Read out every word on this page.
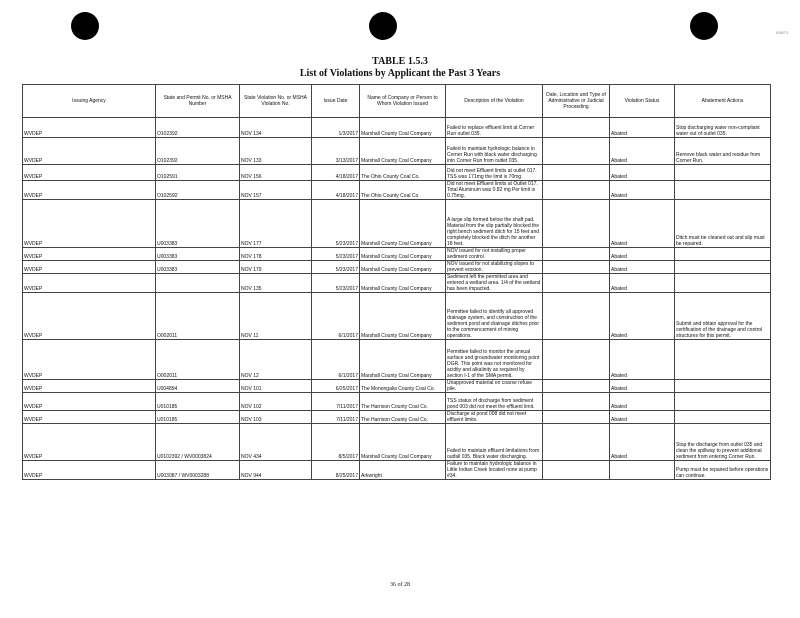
f18571
TABLE 1.5.3
List of Violations by Applicant the Past 3 Years
Issuing Agency	State and Permit No. or MSHA Number	State Violation No. or MSHA Violation No.	Issue Date	Name of Company or Person to Whom Violation Issued	Description of the Violation	Date, Location and Type of Administrative or Judicial Proceeding	Violation Status	Abatement Actions
WVDEP	O102392	NOV 134	1/3/2017	Marshall County Coal Company	Failed to replace effluent limit at Corner Run outlet 035.		Abated	Stop discharging water non-compliant water out of outlet 035.
WVDEP	O102392	NOV 133	3/13/2017	Marshall County Coal Company	Failed to maintain hydrologic balance in Corner Run with black water discharging into Corner Run from outlet 035.		Abated	Remove black water and residue from Corner Run.
WVDEP	O102591	NOV 156	4/18/2017	The Ohio County Coal Co.	Did not meet Effluent limits at outlet 017. TSS was 171mg the limit is 70mg.		Abated	
WVDEP	O102592	NOV 157	4/18/2017	The Ohio County Coal Co.	Did not meet Effluent limits at Outlet 017. Total Aluminum was 0.82 mg Per limit is 0.75mg.		Abated	
WVDEP	U003383	NOV 177	5/23/2017	Marshall County Coal Company	A large slip formed below the shaft pad. Material from the slip partially blocked the right bench sediment ditch for 15 feet and completely blocked the ditch for another 18 feet.		Abated	Ditch must be cleaned out and slip must be repaired.
WVDEP	U003383	NOV 178	5/23/2017	Marshall County Coal Company	NOV issued for not installing proper sediment control		Abated	
WVDEP	U003383	NOV 179	5/23/2017	Marshall County Coal Company	NOV issued for not stabilizing slopes to prevent erosion.		Abated	
WVDEP		NOV 135	5/23/2017	Marshall County Coal Company	Sediment left the permitted area and entered a wetland area. 1/4 of the wetland has been impacted.		Abated	
WVDEP	O002011	NOV 11	6/1/2017	Marshall County Coal Company	Permittee failed to identify all approved drainage system, and construction of the sediment pond and drainage ditches prior to the commencement of mining operations.		Abated	Submit and obtain approval for the certification of the drainage and control structures for this permit.
WVDEP	O002011	NOV 12	6/1/2017	Marshall County Coal Company	Permittee failed to monitor the annual surface and groundwater monitoring point DGR. This point was not monitored for acidity and alkalinity as required by section I-1 of the SMA permit.		Abated	
WVDEP	U004894	NOV 101	6/25/2017	The Monongalia County Coal Co.	Unapproved material on coarse refuse pile.		Abated	
WVDEP	U010185	NOV 102	7/11/2017	The Harrison County Coal Co.	TSS status of discharge from sediment pond 003 did not meet the effluent limit.		Abated	
WVDEP	U010185	NOV 103	7/11/2017	The Harrison County Coal Co.	Discharge at pond 008 did not meet effluent limits.		Abated	
WVDEP	U0102392 / WV0003824	NOV 434	8/5/2017	Marshall County Coal Company	Failed to maintain effluent limitations from outfall 035. Black water discharging.		Abated	Stop the discharge from outlet 035 and clean the spillway to prevent additional sediment from entering Corner Run.
WVDEP	U003087 / WV0003288	NOV 944	8/25/2017	Arkwright	Failure to maintain hydrologic balance in Little Indian Creek located none at pump #34.			Pump must be repaired before operations can continue.
36 of 28
